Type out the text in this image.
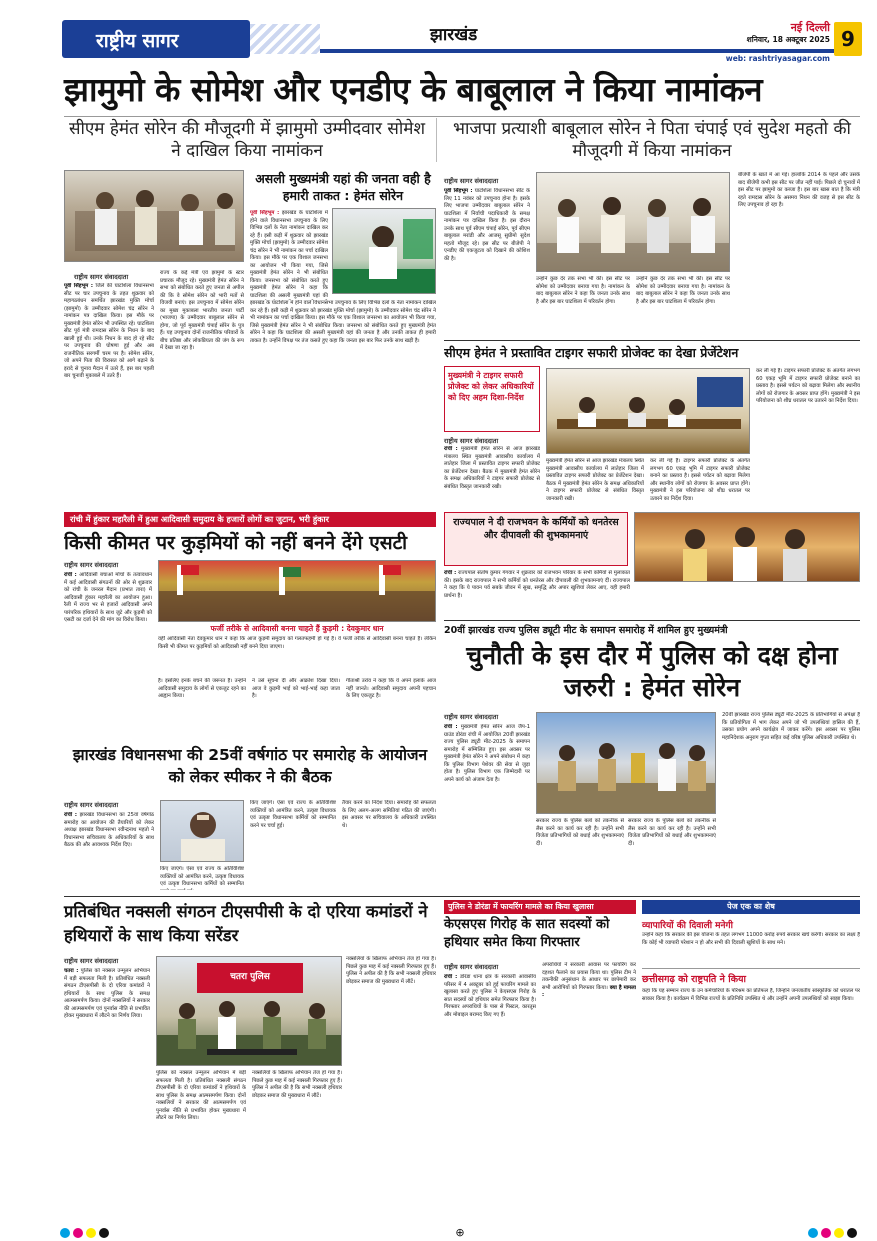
राष्ट्रीय सागर	झारखंड	नई दिल्ली
शनिवार, 18 अक्टूबर 2025
web: rashtriyasagar.com
9
झामुमो के सोमेश और एनडीए के बाबूलाल ने किया नामांकन
सीएम हेमंत सोरेन की मौजूदगी में झामुमो उम्मीदवार सोमेश ने दाखिल किया नामांकन
भाजपा प्रत्याशी बाबूलाल सोरेन ने पिता चंपाई एवं सुदेश महतो की मौजूदगी में किया नामांकन
राष्ट्रीय सागर संवाददाता
पूर्वी सिंहभूम : जिले की घाटशिला विधानसभा सीट पर चार उपचुनाव के तहत शुक्रवार को महागठबंधन समर्थित झारखंड मुक्ति मोर्चा (झामुमो) के उम्मीदवार सोमेश चंद्र सोरेन ने नामांकन पत्र दाखिल किया। इस मौके पर मुख्यमंत्री हेमंत सोरेन भी उपस्थित रहे। घाटशिला सीट पूर्व मंत्री रामदास सोरेन के निधन के बाद खाली हुई थी। उनके निधन के बाद हो रहे सीट पर उपचुनाव की घोषणा हुई और अब राजनीतिक सरगर्मी चरम पर है। सोमेश सोरेन, जो अपने पिता की विरासत को आगे बढ़ाने के इरादे से चुनाव मैदान में उतरे हैं, इस बार पहली बार चुनावी मुकाबले में उतरे हैं।
राज्य के कई मंत्री एवं झामुमो के स्टार प्रचारक मौजूद रहे। मुख्यमंत्री हेमंत सोरेन ने सभा को संबोधित करते हुए जनता से अपील की कि वे सोमेश सोरेन को भारी मतों से विजयी बनाएं। इस उपचुनाव में सोमेश सोरेन का मुख्य मुकाबला भारतीय जनता पार्टी (भाजपा) के उम्मीदवार बाबूलाल सोरेन से होगा, जो पूर्व मुख्यमंत्री चंपाई सोरेन के पुत्र हैं। यह उपचुनाव दोनों राजनीतिक परिवारों के बीच प्रतिष्ठा और लोकप्रियता की जंग के रूप में देखा जा रहा है।
असली मुख्यमंत्री यहां की जनता वही है हमारी ताकत : हेमंत सोरेन
पूर्वी सिंहभूम : झारखंड के घाटशिला में होने वाले विधानसभा उपचुनाव के लिए विभिन्न दलों के नेता नामांकन दाखिल कर रहे हैं। इसी कड़ी में शुक्रवार को झारखंड मुक्ति मोर्चा (झामुमो) के उम्मीदवार सोमेश चंद्र सोरेन ने भी नामांकन का पर्चा दाखिल किया। इस मौके पर एक विशाल जनसभा का आयोजन भी किया गया, जिसे मुख्यमंत्री हेमंत सोरेन ने भी संबोधित किया। जनसभा को संबोधित करते हुए मुख्यमंत्री हेमंत सोरेन ने कहा कि घाटशिला की असली मुख्यमंत्री यहां की
झारखंड के घाटशिला में होने वाले विधानसभा उपचुनाव के लिए विभिन्न दलों के नेता नामांकन दाखिल कर रहे हैं। इसी कड़ी में शुक्रवार को झारखंड मुक्ति मोर्चा (झामुमो) के उम्मीदवार सोमेश चंद्र सोरेन ने भी नामांकन का पर्चा दाखिल किया। इस मौके पर एक विशाल जनसभा का आयोजन भी किया गया, जिसे मुख्यमंत्री हेमंत सोरेन ने भी संबोधित किया। जनसभा को संबोधित करते हुए मुख्यमंत्री हेमंत सोरेन ने कहा कि घाटशिला की असली मुख्यमंत्री यहां की जनता है और उनकी ताकत ही हमारी ताकत है। उन्होंने विपक्ष पर तंज कसते हुए कहा कि जनता इस बार फिर उनके साथ खड़ी है।
राष्ट्रीय सागर संवाददाता
पूर्वी सिंहभूम : घाटशिला विधानसभा सीट के लिए 11 नवंबर को उपचुनाव होना है। इसके लिए भाजपा उम्मीदवार बाबूलाल सोरेन ने घाटशिला में निर्वाची पदाधिकारी के समक्ष नामांकन पत्र दाखिल किया है। इस दौरान उनके साथ पूर्व सीएम चंपाई सोरेन, पूर्व सीएम बाबूलाल मरांडी और आजसू सुप्रीमो सुदेश महतो मौजूद रहे। इस सीट पर बीजेपी ने एनडीए की एकजुटता को दिखाने की कोशिश की है।
उन्होंने कुछ देर तक सभा भी की। इस सीट पर सोमेश को उम्मीदवार बनाया गया है। नामांकन के बाद बाबूलाल सोरेन ने कहा कि जनता उनके साथ है और इस बार घाटशिला में परिवर्तन होगा।
उन्होंने कुछ देर तक सभा भी की। इस सीट पर सोमेश को उम्मीदवार बनाया गया है। नामांकन के बाद बाबूलाल सोरेन ने कहा कि जनता उनके साथ है और इस बार घाटशिला में परिवर्तन होगा।
बीजेपी के खाते में आ गई। हालांकि 2014 के पहले और उसके बाद बीजेपी कभी इस सीट पर जीत नहीं पाई। पिछले दो चुनावों में इस सीट पर झामुमो का कब्जा है। इस बार खास बात है कि मंत्री रहते रामदास सोरेन के असमय निधन की वजह से इस सीट के लिए उपचुनाव हो रहा है।
सीएम हेमंत ने प्रस्तावित टाइगर सफारी प्रोजेक्ट का देखा प्रेजेंटेशन
मुख्यमंत्री ने टाइगर सफारी प्रोजेक्ट को लेकर अधिकारियों को दिए अहम दिशा-निर्देश
राष्ट्रीय सागर संवाददाता
रांची : मुख्यमंत्री हेमंत सोरेन से आज झारखंड मंत्रालय स्थित मुख्यमंत्री आवासीय कार्यालय में लातेहार जिला में प्रस्तावित टाइगर सफारी प्रोजेक्ट का प्रेजेंटेशन देखा। बैठक में मुख्यमंत्री हेमंत सोरेन के समक्ष अधिकारियों ने टाइगर सफारी प्रोजेक्ट से संबंधित विस्तृत जानकारी रखी।
मुख्यमंत्री हेमंत सोरेन से आज झारखंड मंत्रालय स्थित मुख्यमंत्री आवासीय कार्यालय में लातेहार जिला में प्रस्तावित टाइगर सफारी प्रोजेक्ट का प्रेजेंटेशन देखा। बैठक में मुख्यमंत्री हेमंत सोरेन के समक्ष अधिकारियों ने टाइगर सफारी प्रोजेक्ट से संबंधित विस्तृत जानकारी रखी।
कर ली गई है। टाइगर सफारी प्रोजेक्ट के अंतर्गत लगभग 60 एकड़ भूमि में टाइगर सफारी प्रोजेक्ट बनाने का प्रस्ताव है। इससे पर्यटन को बढ़ावा मिलेगा और स्थानीय लोगों को रोजगार के अवसर प्राप्त होंगे। मुख्यमंत्री ने इस परियोजना को शीघ्र धरातल पर उतारने का निर्देश दिया।
कर ली गई है। टाइगर सफारी प्रोजेक्ट के अंतर्गत लगभग 60 एकड़ भूमि में टाइगर सफारी प्रोजेक्ट बनाने का प्रस्ताव है। इससे पर्यटन को बढ़ावा मिलेगा और स्थानीय लोगों को रोजगार के अवसर प्राप्त होंगे। मुख्यमंत्री ने इस परियोजना को शीघ्र धरातल पर उतारने का निर्देश दिया।
रांची में हुंकार महारैली में हुआ आदिवासी समुदाय के हजारों लोगों का जुटान, भरी हुंकार
किसी कीमत पर कुड़मियों को नहीं बनने देंगे एसटी
राष्ट्रीय सागर संवाददाता
रांची : आदिवासी बचाओ मोर्चा के तत्वावधान में कई आदिवासी संगठनों की ओर से शुक्रवार को रांची के जनरल मैदान (प्रभात तारा) में आदिवासी हुंकार महारैली का आयोजन हुआ। रैली में राज्य भर से हजारों आदिवासी अपने पारंपरिक हथियारों के साथ जुटे और कुड़मी को एसटी का दर्जा देने की मांग का विरोध किया।
फर्जी तरीके से आदिवासी बनना चाहते हैं कुड़मी : देवकुमार धान
वहीं आदिवासी नेता देवकुमार धान ने कहा कि आज कुड़मी समुदाय को गलतफहमी हो गई है। वे फर्जी तरीके से आदिवासी बनना चाहते हैं। लेकिन किसी भी कीमत पर कुड़मियों को आदिवासी नहीं बनने दिया जाएगा।
है। इसलिए इनके बचने की जरूरत है। उन्होंने आदिवासी समुदाय के लोगों से एकजुट रहने का आह्वान किया।
ने उसे सूचना दी और आक्रोश दिखा दिया। आज वे कुड़मी भाई को भाई-भाई कहा जाता है।
गीताश्री उरांव ने कहा कि ये अपने इलाके आज नहीं जानते। आदिवासी समुदाय अपनी पहचान के लिए एकजुट है।
राज्यपाल ने दी राजभवन के कर्मियों को धनतेरस और दीपावली की शुभकामनाएं
रांची : राज्यपाल संतोष कुमार गंगवार ने शुक्रवार को राजभवन परिवार के सभी कर्मियों से मुलाकात की। इसके बाद राज्यपाल ने सभी कर्मियों को धनतेरस और दीपावली की शुभकामनाएं दीं। राज्यपाल ने कहा कि ये पावन पर्व सबके जीवन में सुख, समृद्धि और अपार खुशियां लेकर आए, यही हमारी प्रार्थना है।
20वीं झारखंड राज्य पुलिस ड्यूटी मीट के समापन समारोह में शामिल हुए मुख्यमंत्री
चुनौती के इस दौर में पुलिस को दक्ष होना जरुरी : हेमंत सोरेन
राष्ट्रीय सागर संवाददाता
रांची : मुख्यमंत्री हेमंत सोरेन आज जैप-1 ग्राउंड डोरंडा रांची में आयोजित 20वीं झारखंड राज्य पुलिस ड्यूटी मीट-2025 के समापन समारोह में सम्मिलित हुए। इस अवसर पर मुख्यमंत्री हेमंत सोरेन ने अपने संबोधन में कहा कि पुलिस विभाग पेशेवर की सेवा से जुड़ा होता है। पुलिस विभाग एक जिम्मेदारी पर अपने कार्य को अंजाम देता है।
सरकार राज्य के पुलिस बलों को तकनीक से लैस करने का कार्य कर रही है। उन्होंने सभी विजेता प्रतिभागियों को बधाई और शुभकामनाएं दीं।
सरकार राज्य के पुलिस बलों को तकनीक से लैस करने का कार्य कर रही है। उन्होंने सभी विजेता प्रतिभागियों को बधाई और शुभकामनाएं दीं।
20वीं झारखंड राज्य पुलिस ड्यूटी मीट-2025 के प्रतिभागियों से अपेक्षा है कि प्रतियोगिता में भाग लेकर अपने जो भी उपलब्धियां हासिल की हैं, उसका प्रयोग अपने कार्यक्षेत्र में जाकर करेंगे। इस अवसर पर पुलिस महानिदेशक अनुराग गुप्ता सहित कई वरिष्ठ पुलिस अधिकारी उपस्थित थे।
झारखंड विधानसभा की 25वीं वर्षगांठ पर समारोह के आयोजन को लेकर स्पीकर ने की बैठक
राष्ट्रीय सागर संवाददाता
रांची : झारखंड विधानसभा का 25वां वर्षगांठ समारोह का आयोजन की तैयारियों को लेकर अध्यक्ष झारखंड विधानसभा रवीन्द्रनाथ महतो ने विधानसभा सचिवालय के अधिकारियों के साथ बैठक की और आवश्यक निर्देश दिए।
किए जाएंगे। ऐसा एवं राज्य के अतिविशिष्ट व्यक्तियों को आमंत्रित करने, उत्कृष्ट विधायक एवं उत्कृष्ट विधानसभा कर्मियों को सम्मानित करने पर चर्चा हुई।
तैयार करने का निर्देश दिया। समारोह की सफलता के लिए अलग-अलग समितियां गठित की जाएंगी। इस अवसर पर सचिवालय के अधिकारी उपस्थित थे।
किए जाएंगे। ऐसा एवं राज्य के अतिविशिष्ट व्यक्तियों को आमंत्रित करने, उत्कृष्ट विधायक एवं उत्कृष्ट विधानसभा कर्मियों को सम्मानित
प्रतिबंधित नक्सली संगठन टीएसपीसी के दो एरिया कमांडरों ने हथियारों के साथ किया सरेंडर
राष्ट्रीय सागर संवाददाता
चतरा : पुलिस को नक्सल उन्मूलन अभियान में बड़ी सफलता मिली है। प्रतिबंधित नक्सली संगठन टीएसपीसी के दो एरिया कमांडरों ने हथियारों के साथ पुलिस के समक्ष आत्मसमर्पण किया। दोनों नक्सलियों ने सरकार की आत्मसमर्पण एवं पुनर्वास नीति से प्रभावित होकर मुख्यधारा में लौटने का निर्णय लिया।
चतरा पुलिस
नक्सलियों के खिलाफ अभियान तेज हो गया है। पिछले कुछ माह में कई नक्सली गिरफ्तार हुए हैं। पुलिस ने अपील की है कि सभी नक्सली हथियार छोड़कर समाज की मुख्यधारा में लौटें।
पुलिस को नक्सल उन्मूलन अभियान में बड़ी सफलता मिली है। प्रतिबंधित नक्सली संगठन टीएसपीसी के दो एरिया कमांडरों ने हथियारों के साथ पुलिस के समक्ष आत्मसमर्पण किया। दोनों नक्सलियों ने सरकार की आत्मसमर्पण एवं पुनर्वास नीति से प्रभावित होकर मुख्यधारा में लौटने का निर्णय लिया।
नक्सलियों के खिलाफ अभियान तेज हो गया है। पिछले कुछ माह में कई नक्सली गिरफ्तार हुए हैं। पुलिस ने अपील की है कि सभी नक्सली हथियार छोड़कर समाज की मुख्यधारा में लौटें।
पुलिस ने डोरंडा में फायरिंग मामले का किया खुलासा
केएसएस गिरोह के सात सदस्यों को हथियार समेत किया गिरफ्तार
राष्ट्रीय सागर संवाददाता
रांची : डोरंडा थाना क्षेत्र के सरकारी आवासीय परिसर में 4 अक्टूबर को हुई फायरिंग मामले का खुलासा करते हुए पुलिस ने केएसएस गिरोह के सात सदस्यों को हथियार समेत गिरफ्तार किया है। गिरफ्तार अपराधियों के पास से पिस्टल, कारतूस और मोबाइल बरामद किए गए हैं।
अपराधियों ने सरकारी आवास पर फायरिंग कर दहशत फैलाने का प्रयास किया था। पुलिस टीम ने तकनीकी अनुसंधान के आधार पर छापेमारी कर सभी आरोपियों को गिरफ्तार किया। क्या है मामला :
पेज एक का शेष
व्यापारियों की दिवाली मनेगी
उन्होंने कहा कि सरकार की इस योजना के तहत लगभग 11000 करोड़ रुपये सरकार खर्च करेगी। सरकार का लक्ष्य है कि कोई भी व्यापारी परेशान न हो और सभी की दिवाली खुशियों के साथ मने।
छत्तीसगढ़ को राष्ट्रपति ने किया
कहा कि यह सम्मान राज्य के उन कर्मचारियों के परिश्रम का प्रतिफल है, जिन्होंने जनजातीय सांस्कृतिक को धरातल पर साकार किया है। कार्यक्रम में विभिन्न राज्यों के प्रतिनिधि उपस्थित थे और उन्होंने अपनी उपलब्धियों को साझा किया।
⊕
